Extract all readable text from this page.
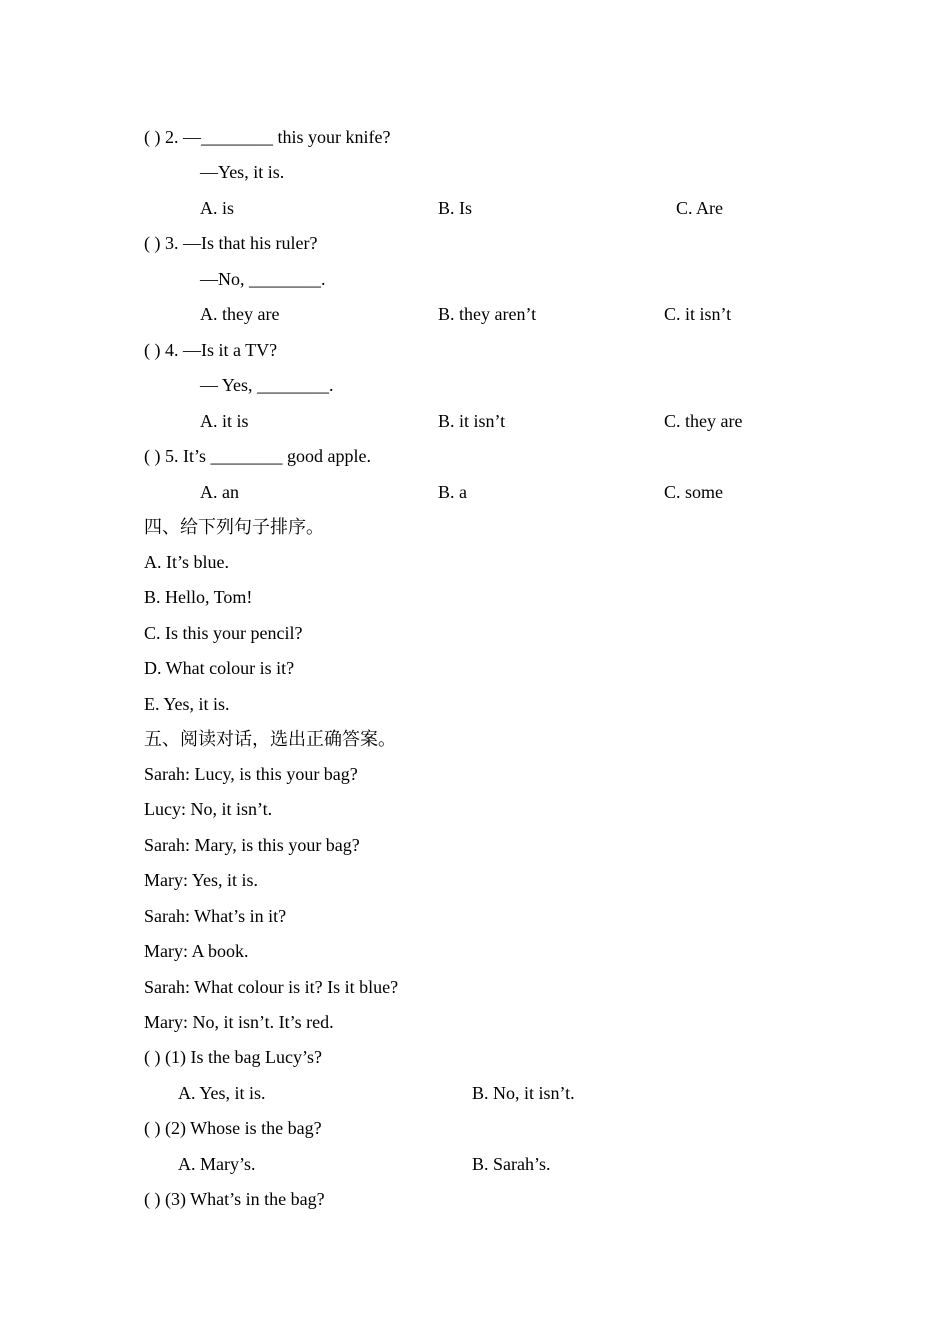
( ) 2. —________ this your knife?
—Yes, it is.
A. is	B. Is	C. Are
( ) 3. —Is that his ruler?
—No, ________.
A. they are	B. they aren’t	C. it isn’t
( ) 4. —Is it a TV?
— Yes, ________.
A. it is	B. it isn’t	C. they are
( ) 5. It’s ________ good apple.
A. an	B. a	C. some
四、给下列句子排序。
A. It’s blue.
B. Hello, Tom!
C. Is this your pencil?
D. What colour is it?
E. Yes, it is.
五、阅读对话，选出正确答案。
Sarah: Lucy, is this your bag?
Lucy: No, it isn’t.
Sarah: Mary, is this your bag?
Mary: Yes, it is.
Sarah: What’s in it?
Mary: A book.
Sarah: What colour is it? Is it blue?
Mary: No, it isn’t. It’s red.
( ) (1) Is the bag Lucy’s?
A. Yes, it is.	B. No, it isn’t.
( ) (2) Whose is the bag?
A. Mary’s.	B. Sarah’s.
( ) (3) What’s in the bag?
